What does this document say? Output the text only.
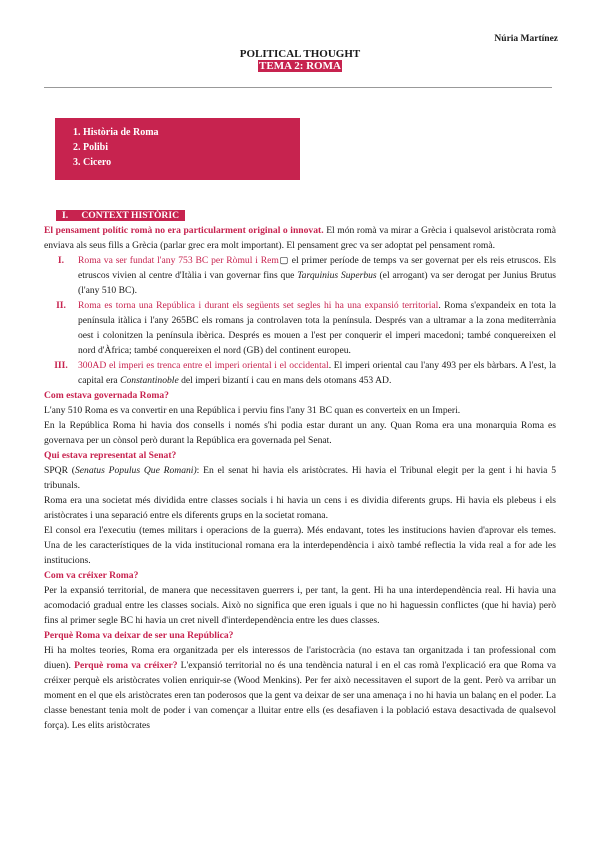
Núria Martínez
POLITICAL THOUGHT
TEMA 2: ROMA
1. Història de Roma
2. Polibi
3. Cicero

I. CONTEXT HISTÒRIC

El pensament polític romà no era particularment original o innovat. El món romà va mirar a Grècia i qualsevol aristòcrata romà enviava als seus fills a Grècia (parlar grec era molt important). El pensament grec va ser adoptat pel pensament romà.

I.	Roma va ser fundat l'any 753 BC per Ròmul i Rem▢ el primer període de temps va ser governat per els reis etruscos. Els etruscos vivien al centre d'Itàlia i van governar fins que Tarquinius Superbus (el arrogant) va ser derogat per Junius Brutus (l'any 510 BC).
II.	Roma es torna una República i durant els següents set segles hi ha una expansió territorial. Roma s'expandeix en tota la península itàlica i l'any 265BC els romans ja controlaven tota la península. Després van a ultramar a la zona mediterrània oest i colonitzen la península ibèrica. Després es mouen a l'est per conquerir el imperi macedoni; també conquereixen el nord d'Àfrica; també conquereixen el nord (GB) del continent europeu.
III.	300AD el imperi es trenca entre el imperi oriental i el occidental. El imperi oriental cau l'any 493 per els bàrbars. A l'est, la capital era Constantinoble del imperi bizantí i cau en mans dels otomans 453 AD.

Com estava governada Roma?

L'any 510 Roma es va convertir en una República i perviu fins l'any 31 BC quan es converteix en un Imperi.

En la República Roma hi havia dos consells i només s'hi podia estar durant un any. Quan Roma era una monarquia Roma es governava per un cònsol però durant la República era governada pel Senat.

Qui estava representat al Senat?

SPQR (Senatus Populus Que Romani): En el senat hi havia els aristòcrates. Hi havia el Tribunal elegit per la gent i hi havia 5 tribunals.

Roma era una societat més dividida entre classes socials i hi havia un cens i es dividia diferents grups. Hi havia els plebeus i els aristòcrates i una separació entre els diferents grups en la societat romana.

El consol era l'executiu (temes militars i operacions de la guerra). Més endavant, totes les institucions havien d'aprovar els temes. Una de les característiques de la vida institucional romana era la interdependència i això també reflectia la vida real a for ade les institucions.

Com va créixer Roma?

Per la expansió territorial, de manera que necessitaven guerrers i, per tant, la gent. Hi ha una interdependència real. Hi havia una acomodació gradual entre les classes socials. Això no significa que eren iguals i que no hi haguessin conflictes (que hi havia) però fins al primer segle BC hi havia un cret nivell d'interdependència entre les dues classes.

Perquè Roma va deixar de ser una República?

Hi ha moltes teories, Roma era organitzada per els interessos de l'aristocràcia (no estava tan organitzada i tan professional com diuen). Perquè roma va créixer? L'expansió territorial no és una tendència natural i en el cas romà l'explicació era que Roma va créixer perquè els aristòcrates volien enriquir-se (Wood Menkins). Per fer això necessitaven el suport de la gent. Però va arribar un moment en el que els aristòcrates eren tan poderosos que la gent va deixar de ser una amenaça i no hi havia un balanç en el poder. La classe benestant tenia molt de poder i van començar a lluitar entre ells (es desafiaven i la població estava desactivada de qualsevol força). Les elits aristòcrates
